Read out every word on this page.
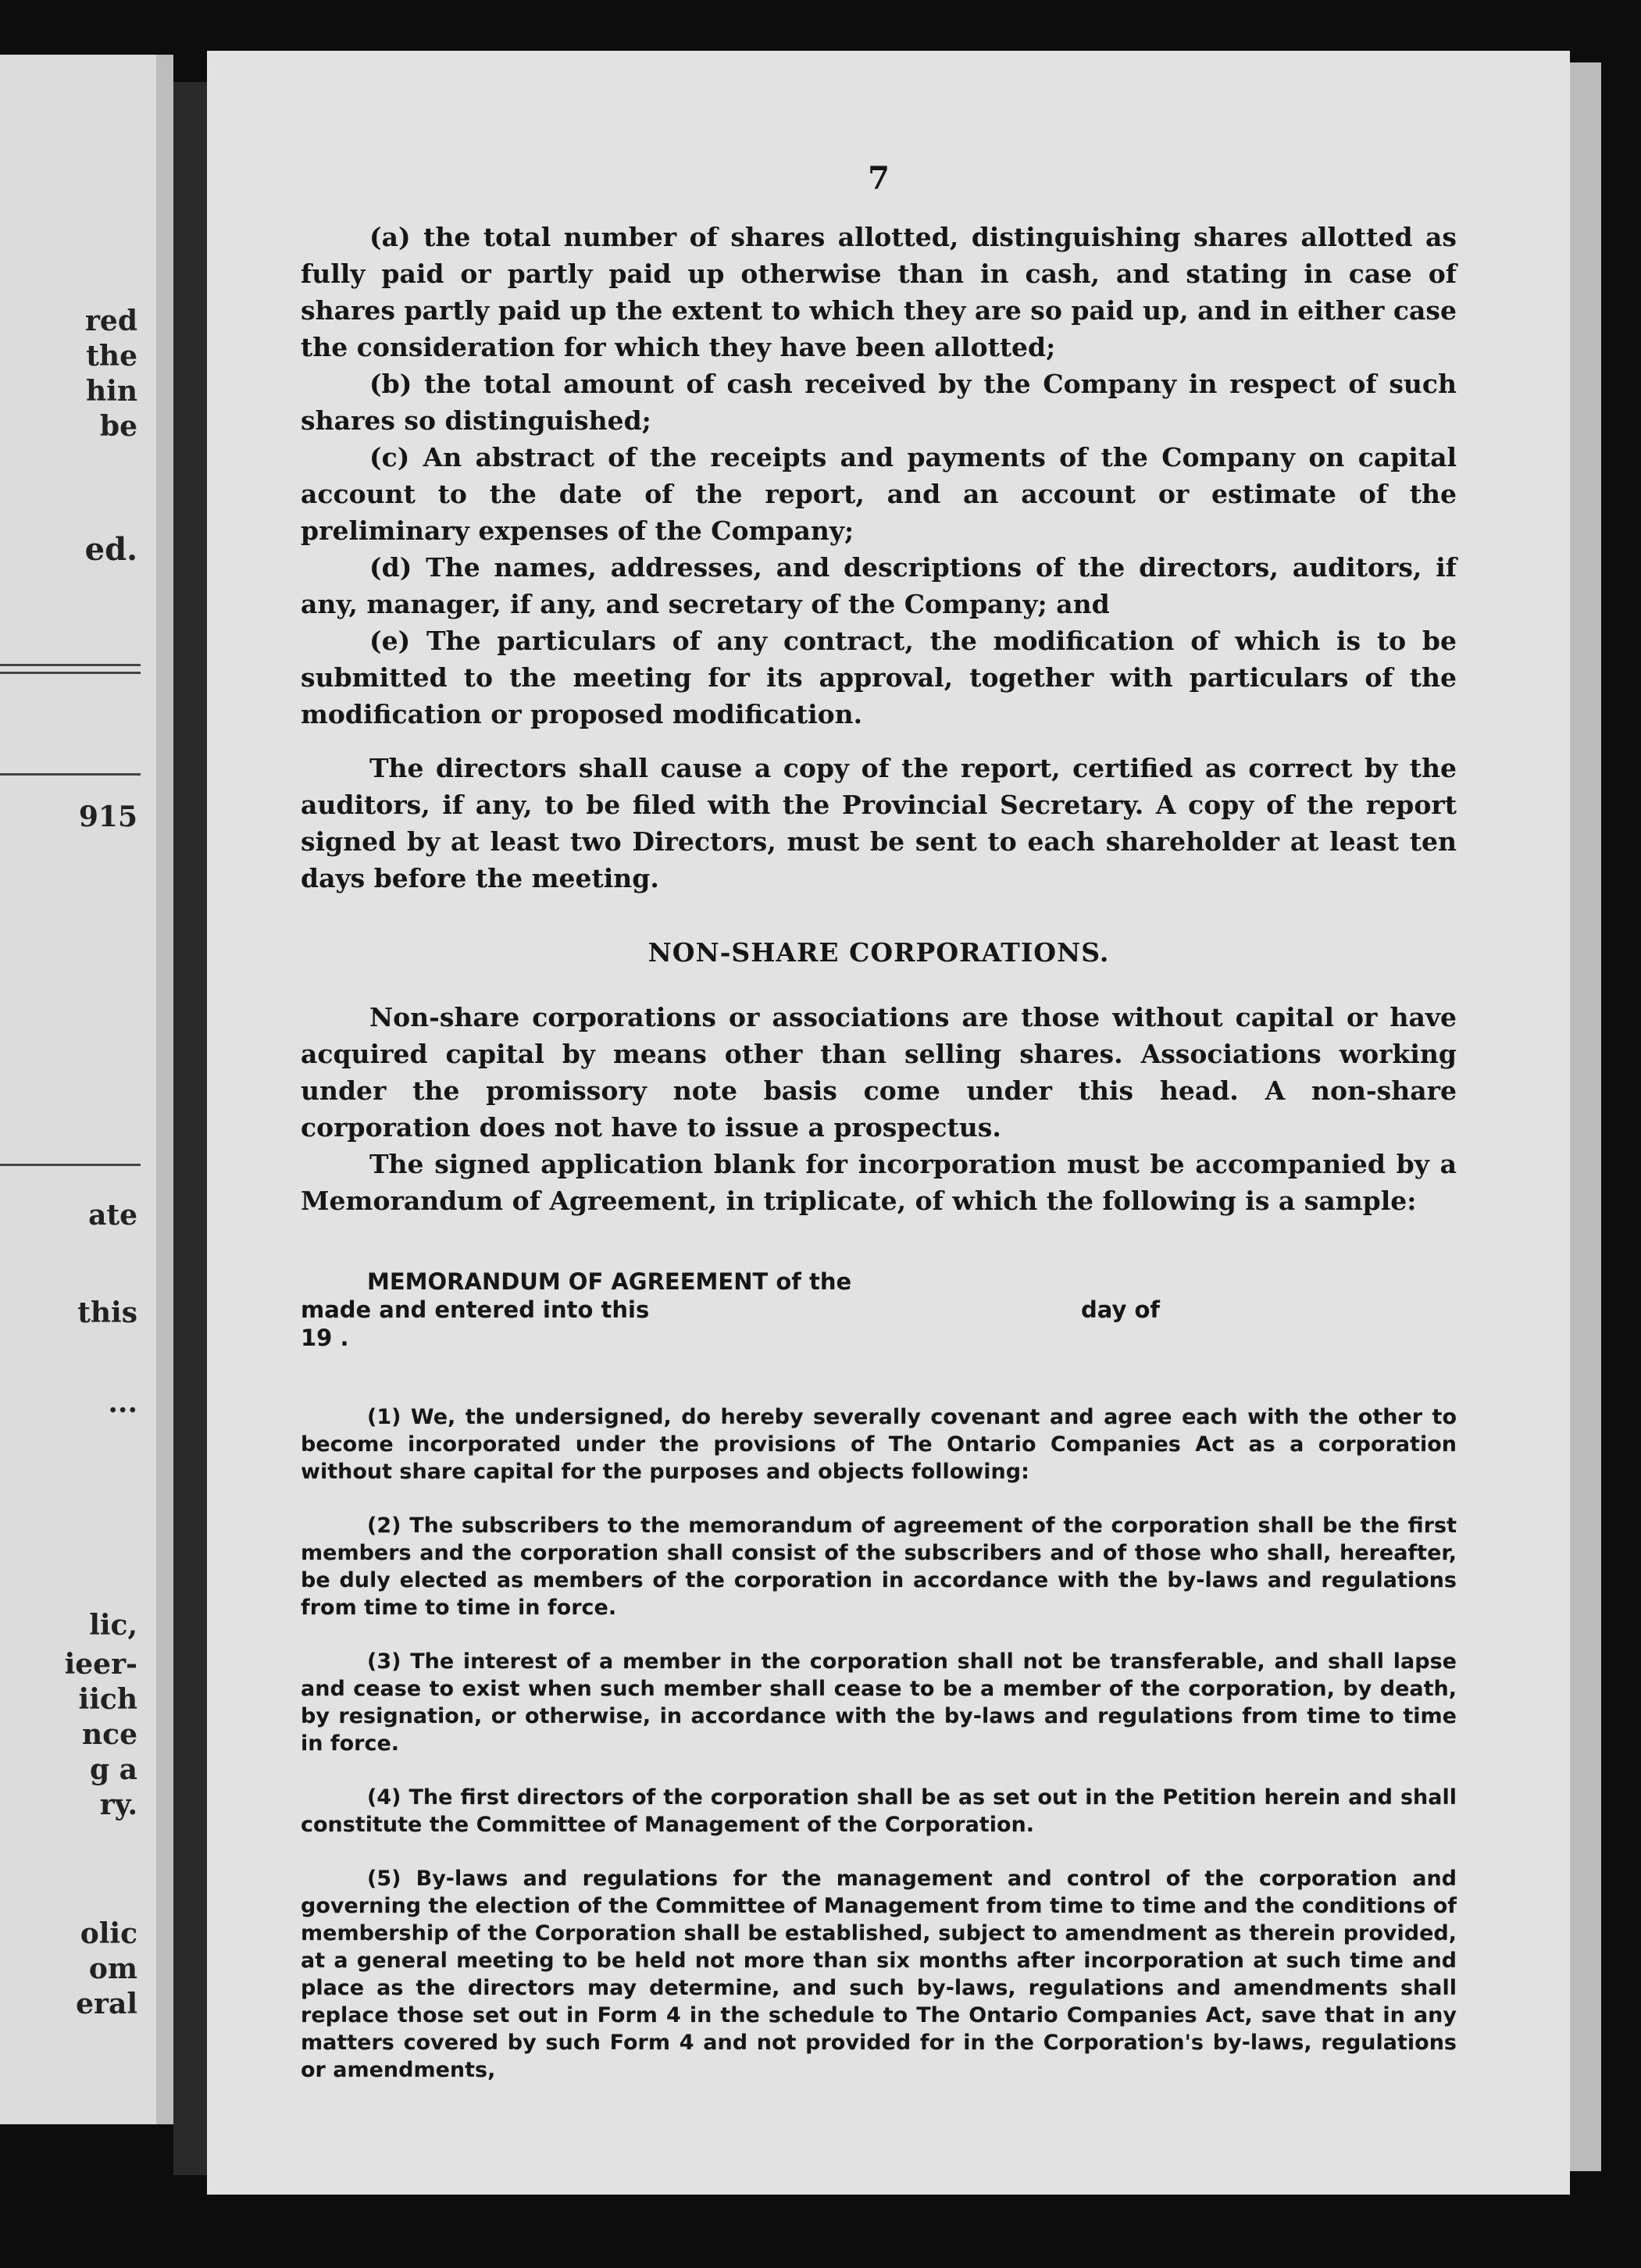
red
the
hin
be
ed.
915
ate
this
...
lic,
ieer-
iich
nce
g a
ry.
olic
om
eral
7

(a) the total number of shares allotted, distinguishing shares allotted as fully paid or partly paid up otherwise than in cash, and stating in case of shares partly paid up the extent to which they are so paid up, and in either case the consideration for which they have been allotted;

(b) the total amount of cash received by the Company in respect of such shares so distinguished;

(c) An abstract of the receipts and payments of the Company on capital account to the date of the report, and an account or estimate of the preliminary expenses of the Company;

(d) The names, addresses, and descriptions of the directors, auditors, if any, manager, if any, and secretary of the Company; and

(e) The particulars of any contract, the modification of which is to be submitted to the meeting for its approval, together with particulars of the modification or proposed modification.

The directors shall cause a copy of the report, certified as correct by the auditors, if any, to be filed with the Provincial Secretary. A copy of the report signed by at least two Directors, must be sent to each shareholder at least ten days before the meeting.

NON-SHARE CORPORATIONS.

Non-share corporations or associations are those without capital or have acquired capital by means other than selling shares. Associations working under the promissory note basis come under this head. A non-share corporation does not have to issue a prospectus.

The signed application blank for incorporation must be accompanied by a Memorandum of Agreement, in triplicate, of which the following is a sample:

MEMORANDUM OF AGREEMENT of the
made and entered into this	day of
19 .

(1) We, the undersigned, do hereby severally covenant and agree each with the other to become incorporated under the provisions of The Ontario Companies Act as a corporation without share capital for the purposes and objects following:

(2) The subscribers to the memorandum of agreement of the corporation shall be the first members and the corporation shall consist of the subscribers and of those who shall, hereafter, be duly elected as members of the corporation in accordance with the by-laws and regulations from time to time in force.

(3) The interest of a member in the corporation shall not be transferable, and shall lapse and cease to exist when such member shall cease to be a member of the corporation, by death, by resignation, or otherwise, in accordance with the by-laws and regulations from time to time in force.

(4) The first directors of the corporation shall be as set out in the Petition herein and shall constitute the Committee of Management of the Corporation.

(5) By-laws and regulations for the management and control of the corporation and governing the election of the Committee of Management from time to time and the conditions of membership of the Corporation shall be established, subject to amendment as therein provided, at a general meeting to be held not more than six months after incorporation at such time and place as the directors may determine, and such by-laws, regulations and amendments shall replace those set out in Form 4 in the schedule to The Ontario Companies Act, save that in any matters covered by such Form 4 and not provided for in the Corporation's by-laws, regulations or amendments,
